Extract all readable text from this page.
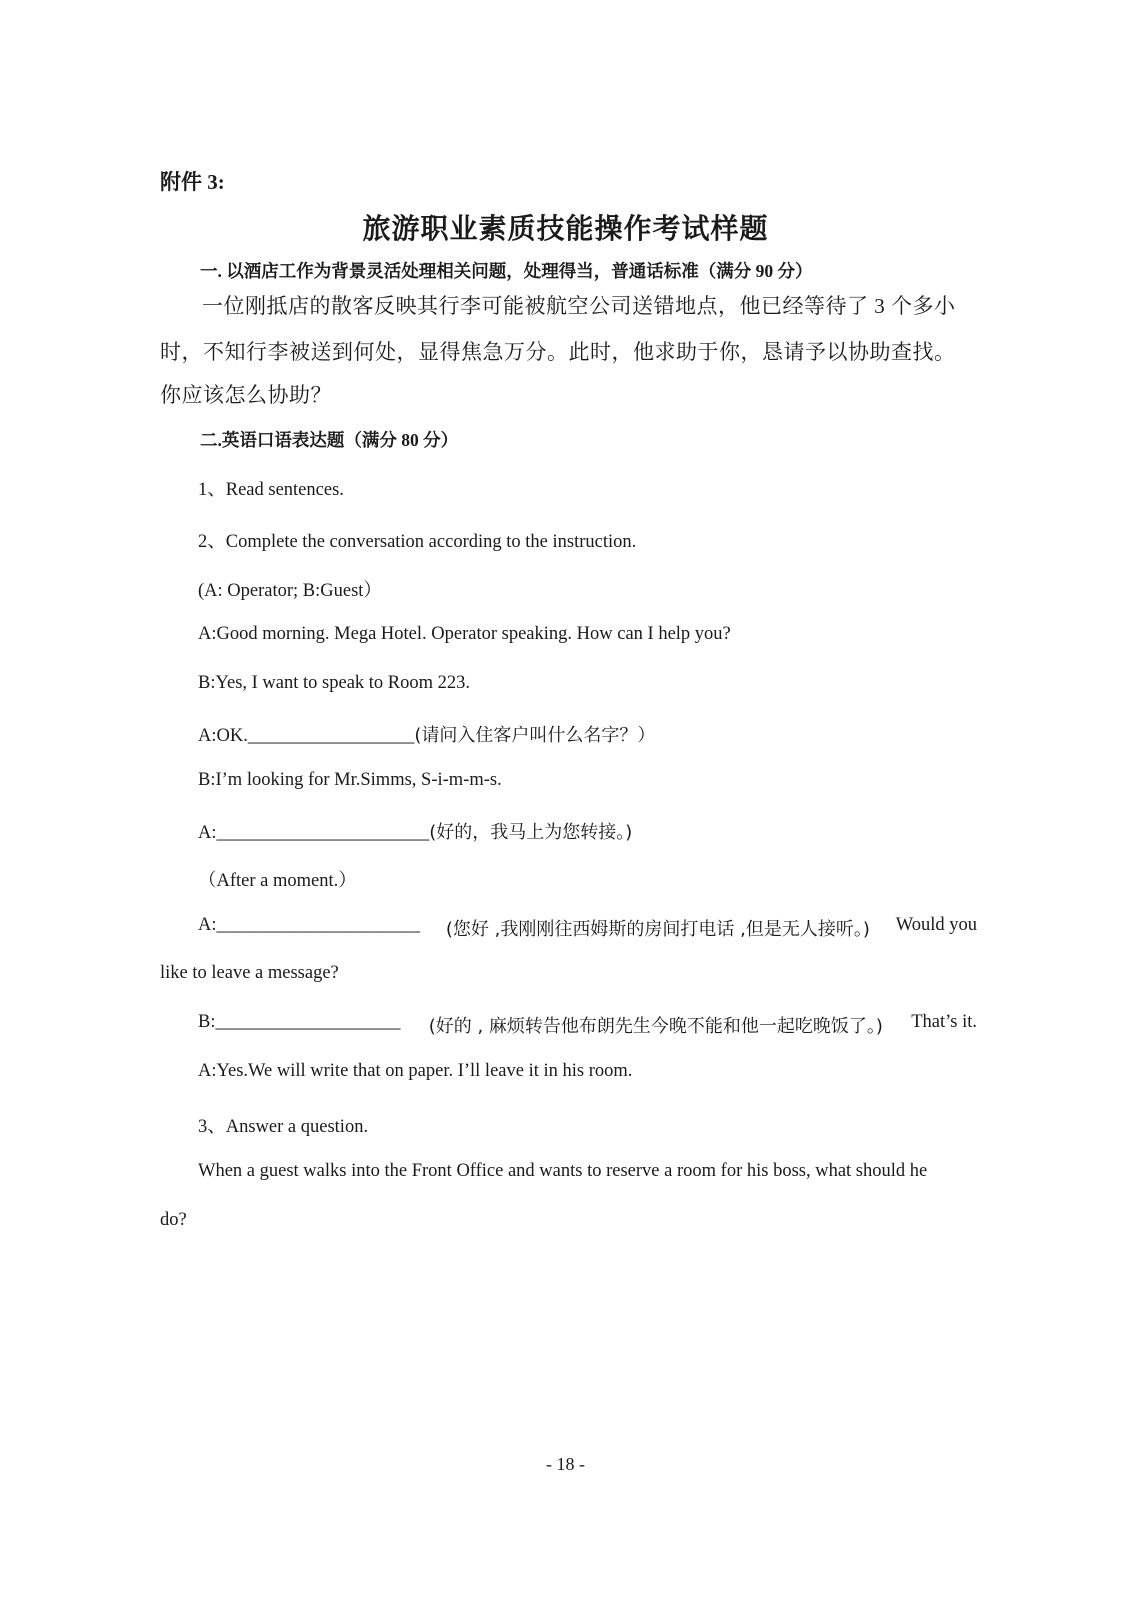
附件 3:
旅游职业素质技能操作考试样题
一. 以酒店工作为背景灵活处理相关问题，处理得当，普通话标准（满分 90 分）
一位刚抵店的散客反映其行李可能被航空公司送错地点，他已经等待了 3 个多小
时，不知行李被送到何处，显得焦急万分。此时，他求助于你，恳请予以协助查找。
你应该怎么协助？
二.英语口语表达题（满分 80 分）
1、Read sentences.
2、Complete the conversation according to the instruction.
(A: Operator; B:Guest）
A:Good morning. Mega Hotel. Operator speaking. How can I help you?
B:Yes, I want to speak to Room 223.
A:OK.__________________(请问入住客户叫什么名字？）
B:I’m looking for Mr.Simms, S-i-m-m-s.
A:_______________________(好的，我马上为您转接。)
（After a moment.）
A:______________________ (您好 ,我刚刚往西姆斯的房间打电话 ,但是无人接听。) Would you
like to leave a message?
B:____________________ (好的 , 麻烦转告他布朗先生今晚不能和他一起吃晚饭了。) That’s it.
A:Yes.We will write that on paper. I’ll leave it in his room.
3、Answer a question.
When a guest walks into the Front Office and wants to reserve a room for his boss, what should he
do?
- 18 -
